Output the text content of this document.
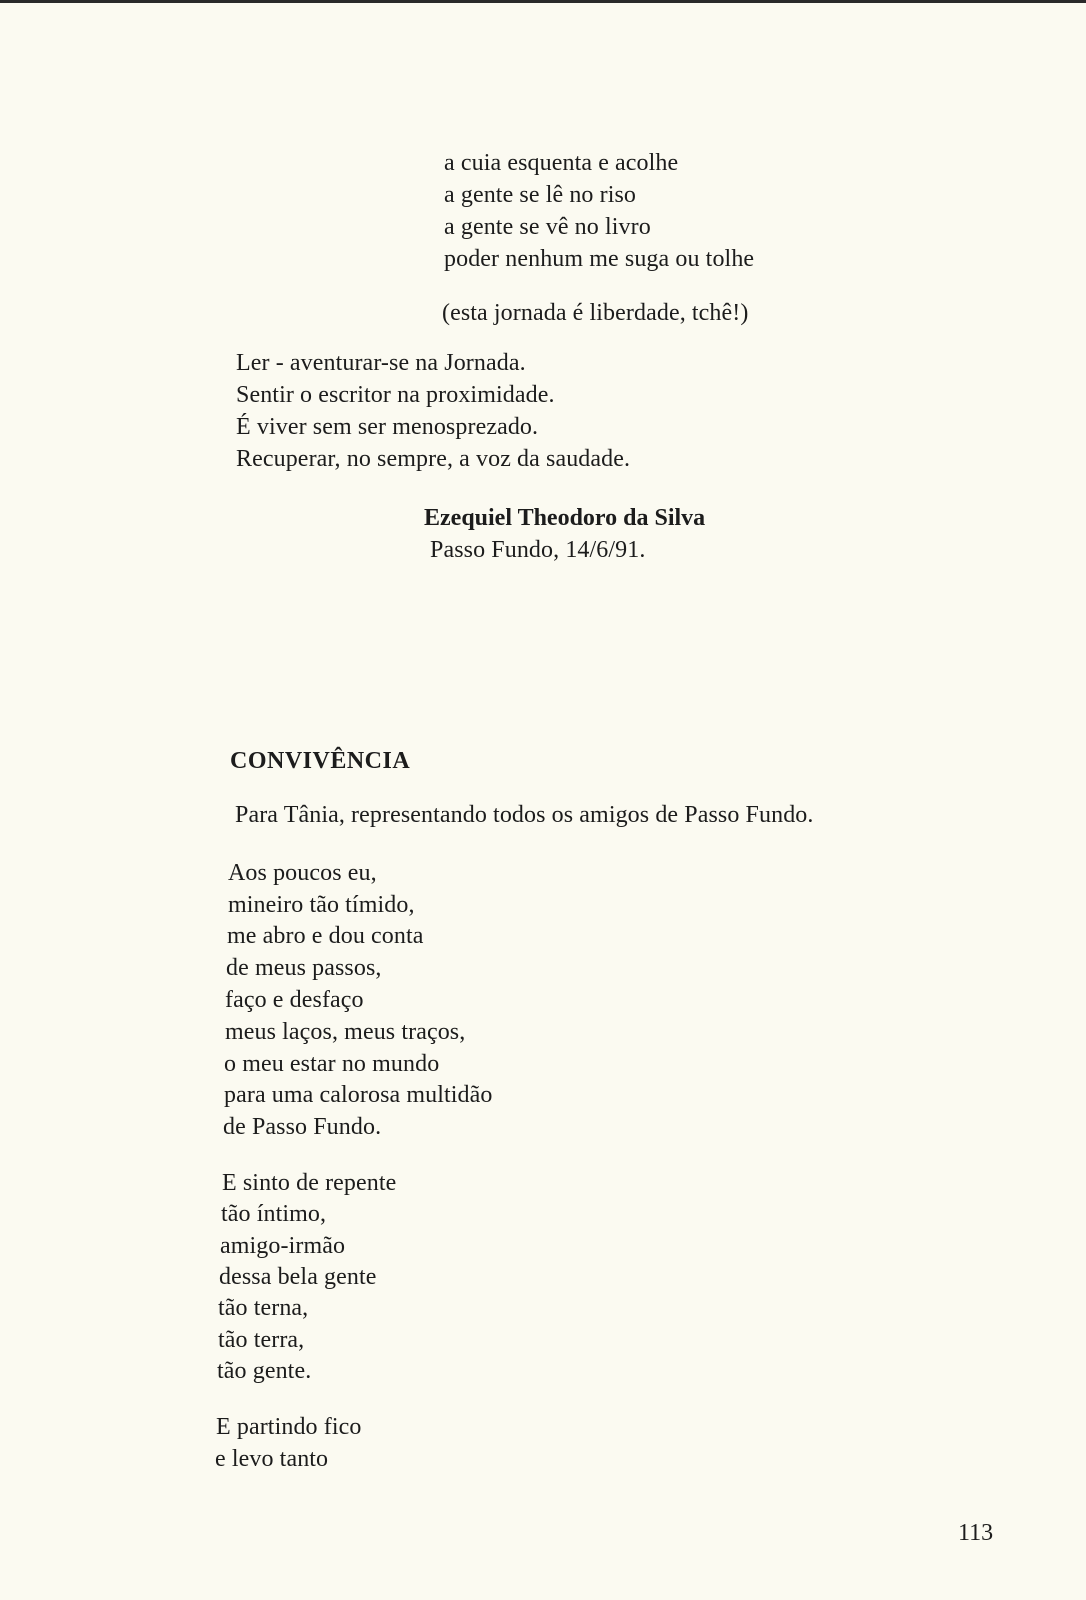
a cuia esquenta e acolhe
a gente se lê no riso
a gente se vê no livro
poder nenhum me suga ou tolhe
(esta jornada é liberdade, tchê!)
Ler - aventurar-se na Jornada.
Sentir o escritor na proximidade.
É viver sem ser menosprezado.
Recuperar, no sempre, a voz da saudade.
Ezequiel Theodoro da Silva
Passo Fundo, 14/6/91.
CONVIVÊNCIA
Para Tânia, representando todos os amigos de Passo Fundo.
Aos poucos eu,
mineiro tão tímido,
me abro e dou conta
de meus passos,
faço e desfaço
meus laços, meus traços,
o meu estar no mundo
para uma calorosa multidão
de Passo Fundo.
E sinto de repente
tão íntimo,
amigo-irmão
dessa bela gente
tão terna,
tão terra,
tão gente.
E partindo fico
e levo tanto
113
